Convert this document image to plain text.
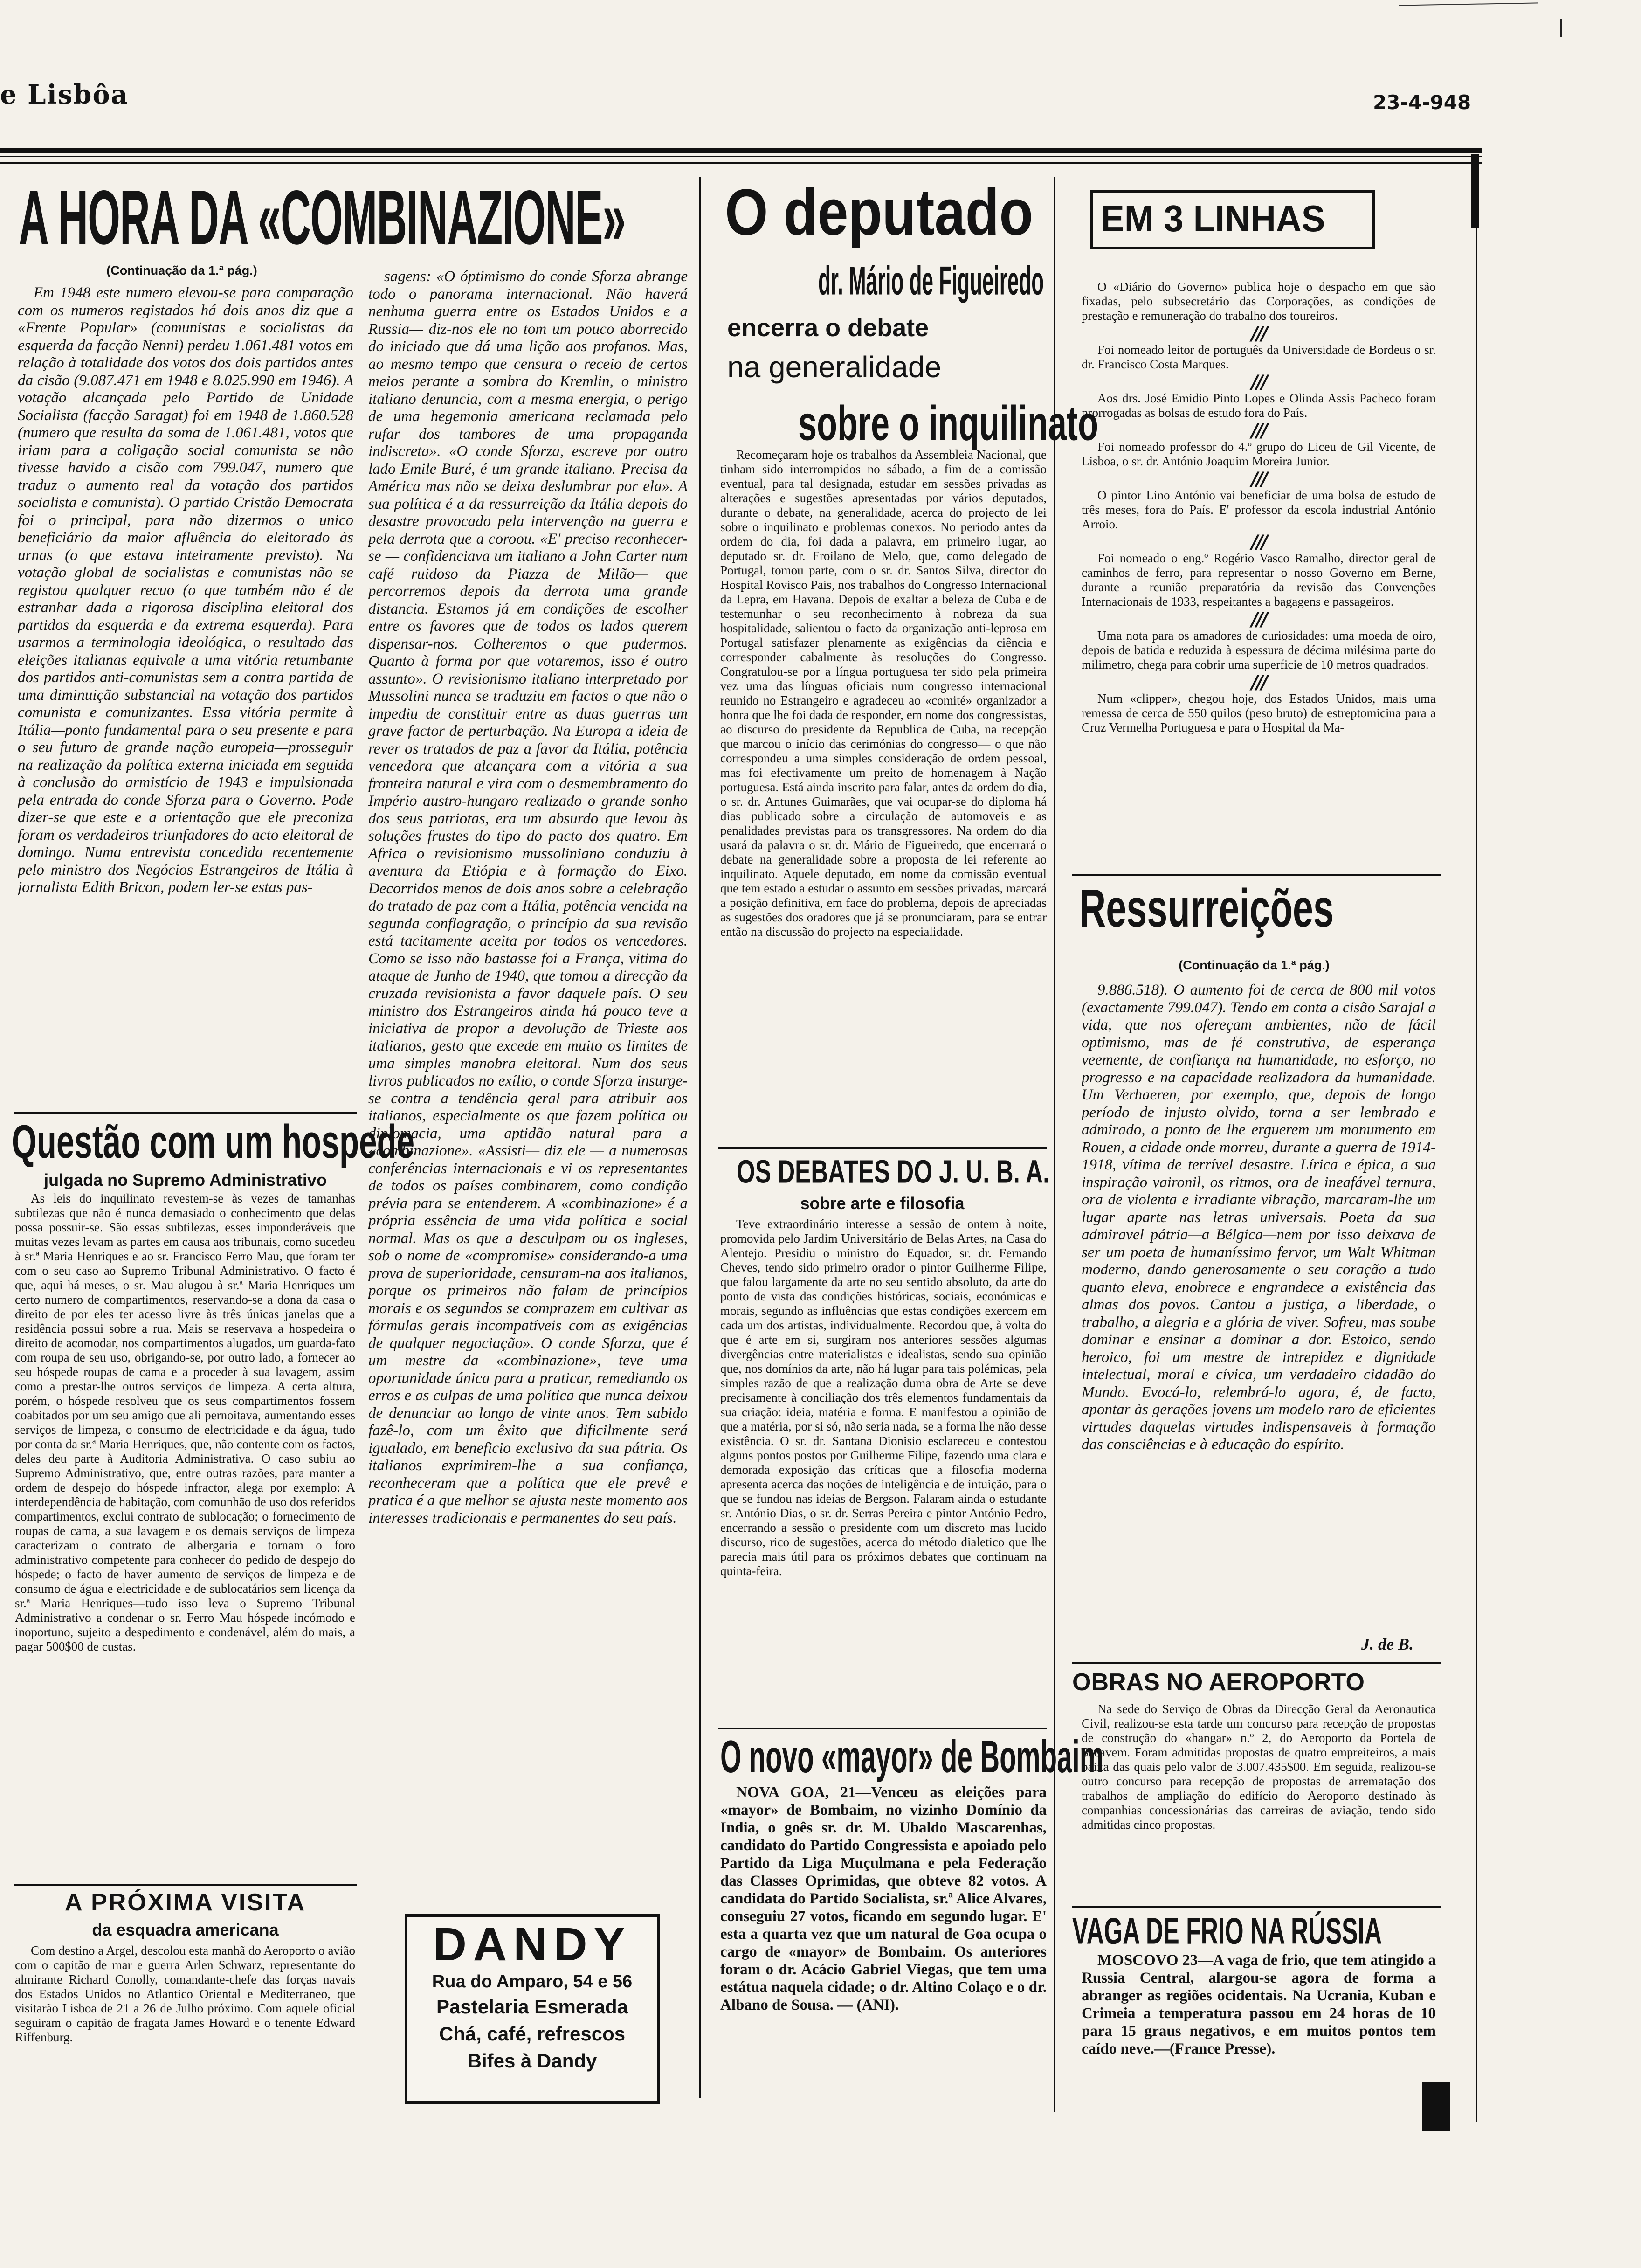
e Lisbôa	23-4-948
A HORA DA «COMBINAZIONE»
(Continuação da 1.ª pág.)

Em 1948 este numero elevou-se para comparação com os numeros registados há dois anos diz que a «Frente Popular» (comunistas e socialistas da esquerda da facção Nenni) perdeu 1.061.481 votos em relação à totalidade dos votos dos dois partidos antes da cisão (9.087.471 em 1948 e 8.025.990 em 1946). A votação alcançada pelo Partido de Unidade Socialista (facção Saragat) foi em 1948 de 1.860.528 (numero que resulta da soma de 1.061.481, votos que iriam para a coligação social comunista se não tivesse havido a cisão com 799.047, numero que traduz o aumento real da votação dos partidos socialista e comunista). O partido Cristão Democrata foi o principal, para não dizermos o unico beneficiário da maior afluência do eleitorado às urnas (o que estava inteiramente previsto). Na votação global de socialistas e comunistas não se registou qualquer recuo (o que também não é de estranhar dada a rigorosa disciplina eleitoral dos partidos da esquerda e da extrema esquerda). Para usarmos a terminologia ideológica, o resultado das eleições italianas equivale a uma vitória retumbante dos partidos anti-comunistas sem a contra partida de uma diminuição substancial na votação dos partidos comunista e comunizantes. Essa vitória permite à Itália—ponto fundamental para o seu presente e para o seu futuro de grande nação europeia—prosseguir na realização da política externa iniciada em seguida à conclusão do armistício de 1943 e impulsionada pela entrada do conde Sforza para o Governo. Pode dizer-se que este e a orientação que ele preconiza foram os verdadeiros triunfadores do acto eleitoral de domingo. Numa entrevista concedida recentemente pelo ministro dos Negócios Estrangeiros de Itália à jornalista Edith Bricon, podem ler-se estas pas-

sagens: «O óptimismo do conde Sforza abrange todo o panorama internacional. Não haverá nenhuma guerra entre os Estados Unidos e a Russia— diz-nos ele no tom um pouco aborrecido do iniciado que dá uma lição aos profanos. Mas, ao mesmo tempo que censura o receio de certos meios perante a sombra do Kremlin, o ministro italiano denuncia, com a mesma energia, o perigo de uma hegemonia americana reclamada pelo rufar dos tambores de uma propaganda indiscreta». «O conde Sforza, escreve por outro lado Emile Buré, é um grande italiano. Precisa da América mas não se deixa deslumbrar por ela». A sua política é a da ressurreição da Itália depois do desastre provocado pela intervenção na guerra e pela derrota que a coroou. «E' preciso reconhecer-se — confidenciava um italiano a John Carter num café ruidoso da Piazza de Milão— que percorremos depois da derrota uma grande distancia. Estamos já em condições de escolher entre os favores que de todos os lados querem dispensar-nos. Colheremos o que pudermos. Quanto à forma por que votaremos, isso é outro assunto». O revisionismo italiano interpretado por Mussolini nunca se traduziu em factos o que não o impediu de constituir entre as duas guerras um grave factor de perturbação. Na Europa a ideia de rever os tratados de paz a favor da Itália, potência vencedora que alcançara com a vitória a sua fronteira natural e vira com o desmembramento do Império austro-hungaro realizado o grande sonho dos seus patriotas, era um absurdo que levou às soluções frustes do tipo do pacto dos quatro. Em Africa o revisionismo mussoliniano conduziu à aventura da Etiópia e à formação do Eixo. Decorridos menos de dois anos sobre a celebração do tratado de paz com a Itália, potência vencida na segunda conflagração, o princípio da sua revisão está tacitamente aceita por todos os vencedores. Como se isso não bastasse foi a França, vitima do ataque de Junho de 1940, que tomou a direcção da cruzada revisionista a favor daquele país. O seu ministro dos Estrangeiros ainda há pouco teve a iniciativa de propor a devolução de Trieste aos italianos, gesto que excede em muito os limites de uma simples manobra eleitoral. Num dos seus livros publicados no exílio, o conde Sforza insurge-se contra a tendência geral para atribuir aos italianos, especialmente os que fazem política ou diplomacia, uma aptidão natural para a «combinazione». «Assisti— diz ele — a numerosas conferências internacionais e vi os representantes de todos os países combinarem, como condição prévia para se entenderem. A «combinazione» é a própria essência de uma vida política e social normal. Mas os que a desculpam ou os ingleses, sob o nome de «compromise» considerando-a uma prova de superioridade, censuram-na aos italianos, porque os primeiros não falam de princípios morais e os segundos se comprazem em cultivar as fórmulas gerais incompatíveis com as exigências de qualquer negociação». O conde Sforza, que é um mestre da «combinazione», teve uma oportunidade única para a praticar, remediando os erros e as culpas de uma política que nunca deixou de denunciar ao longo de vinte anos. Tem sabido fazê-lo, com um êxito que dificilmente será igualado, em beneficio exclusivo da sua pátria. Os italianos exprimirem-lhe a sua confiança, reconheceram que a política que ele prevê e pratica é a que melhor se ajusta neste momento aos interesses tradicionais e permanentes do seu país.

Questão com um hospede
julgada no Supremo Administrativo

As leis do inquilinato revestem-se às vezes de tamanhas subtilezas que não é nunca demasiado o conhecimento que delas possa possuir-se. São essas subtilezas, esses imponderáveis que muitas vezes levam as partes em causa aos tribunais, como sucedeu à sr.ª Maria Henriques e ao sr. Francisco Ferro Mau, que foram ter com o seu caso ao Supremo Tribunal Administrativo. O facto é que, aqui há meses, o sr. Mau alugou à sr.ª Maria Henriques um certo numero de compartimentos, reservando-se a dona da casa o direito de por eles ter acesso livre às três únicas janelas que a residência possui sobre a rua. Mais se reservava a hospedeira o direito de acomodar, nos compartimentos alugados, um guarda-fato com roupa de seu uso, obrigando-se, por outro lado, a fornecer ao seu hóspede roupas de cama e a proceder à sua lavagem, assim como a prestar-lhe outros serviços de limpeza. A certa altura, porém, o hóspede resolveu que os seus compartimentos fossem coabitados por um seu amigo que ali pernoitava, aumentando esses serviços de limpeza, o consumo de electricidade e da água, tudo por conta da sr.ª Maria Henriques, que, não contente com os factos, deles deu parte à Auditoria Administrativa. O caso subiu ao Supremo Administrativo, que, entre outras razões, para manter a ordem de despejo do hóspede infractor, alega por exemplo: A interdependência de habitação, com comunhão de uso dos referidos compartimentos, exclui contrato de sublocação; o fornecimento de roupas de cama, a sua lavagem e os demais serviços de limpeza caracterizam o contrato de albergaria e tornam o foro administrativo competente para conhecer do pedido de despejo do hóspede; o facto de haver aumento de serviços de limpeza e de consumo de água e electricidade e de sublocatários sem licença da sr.ª Maria Henriques—tudo isso leva o Supremo Tribunal Administrativo a condenar o sr. Ferro Mau hóspede incómodo e inoportuno, sujeito a despedimento e condenável, além do mais, a pagar 500$00 de custas.

A PRÓXIMA VISITA
da esquadra americana

Com destino a Argel, descolou esta manhã do Aeroporto o avião com o capitão de mar e guerra Arlen Schwarz, representante do almirante Richard Conolly, comandante-chefe das forças navais dos Estados Unidos no Atlantico Oriental e Mediterraneo, que visitarão Lisboa de 21 a 26 de Julho próximo. Com aquele oficial seguiram o capitão de fragata James Howard e o tenente Edward Riffenburg.

DANDY
Rua do Amparo, 54 e 56
Pastelaria Esmerada
Chá, café, refrescos
Bifes à Dandy
O deputado
dr. Mário de Figueiredo
encerra o debate
na generalidade
sobre o inquilinato

Recomeçaram hoje os trabalhos da Assembleia Nacional, que tinham sido interrompidos no sábado, a fim de a comissão eventual, para tal designada, estudar em sessões privadas as alterações e sugestões apresentadas por vários deputados, durante o debate, na generalidade, acerca do projecto de lei sobre o inquilinato e problemas conexos. No periodo antes da ordem do dia, foi dada a palavra, em primeiro lugar, ao deputado sr. dr. Froilano de Melo, que, como delegado de Portugal, tomou parte, com o sr. dr. Santos Silva, director do Hospital Rovisco Pais, nos trabalhos do Congresso Internacional da Lepra, em Havana. Depois de exaltar a beleza de Cuba e de testemunhar o seu reconhecimento à nobreza da sua hospitalidade, salientou o facto da organização anti-leprosa em Portugal satisfazer plenamente as exigências da ciência e corresponder cabalmente às resoluções do Congresso. Congratulou-se por a língua portuguesa ter sido pela primeira vez uma das línguas oficiais num congresso internacional reunido no Estrangeiro e agradeceu ao «comité» organizador a honra que lhe foi dada de responder, em nome dos congressistas, ao discurso do presidente da Republica de Cuba, na recepção que marcou o início das cerimónias do congresso— o que não correspondeu a uma simples consideração de ordem pessoal, mas foi efectivamente um preito de homenagem à Nação portuguesa. Está ainda inscrito para falar, antes da ordem do dia, o sr. dr. Antunes Guimarães, que vai ocupar-se do diploma há dias publicado sobre a circulação de automoveis e as penalidades previstas para os transgressores. Na ordem do dia usará da palavra o sr. dr. Mário de Figueiredo, que encerrará o debate na generalidade sobre a proposta de lei referente ao inquilinato. Aquele deputado, em nome da comissão eventual que tem estado a estudar o assunto em sessões privadas, marcará a posição definitiva, em face do problema, depois de apreciadas as sugestões dos oradores que já se pronunciaram, para se entrar então na discussão do projecto na especialidade.

OS DEBATES DO J. U. B. A.
sobre arte e filosofia

Teve extraordinário interesse a sessão de ontem à noite, promovida pelo Jardim Universitário de Belas Artes, na Casa do Alentejo. Presidiu o ministro do Equador, sr. dr. Fernando Cheves, tendo sido primeiro orador o pintor Guilherme Filipe, que falou largamente da arte no seu sentido absoluto, da arte do ponto de vista das condições históricas, sociais, económicas e morais, segundo as influências que estas condições exercem em cada um dos artistas, individualmente. Recordou que, à volta do que é arte em si, surgiram nos anteriores sessões algumas divergências entre materialistas e idealistas, sendo sua opinião que, nos domínios da arte, não há lugar para tais polémicas, pela simples razão de que a realização duma obra de Arte se deve precisamente à conciliação dos três elementos fundamentais da sua criação: ideia, matéria e forma. E manifestou a opinião de que a matéria, por si só, não seria nada, se a forma lhe não desse existência. O sr. dr. Santana Dionisio esclareceu e contestou alguns pontos postos por Guilherme Filipe, fazendo uma clara e demorada exposição das críticas que a filosofia moderna apresenta acerca das noções de inteligência e de intuição, para o que se fundou nas ideias de Bergson. Falaram ainda o estudante sr. António Dias, o sr. dr. Serras Pereira e pintor António Pedro, encerrando a sessão o presidente com um discreto mas lucido discurso, rico de sugestões, acerca do método dialetico que lhe parecia mais útil para os próximos debates que continuam na quinta-feira.

O novo «mayor» de Bombaim

NOVA GOA, 21—Venceu as eleições para «mayor» de Bombaim, no vizinho Domínio da India, o goês sr. dr. M. Ubaldo Mascarenhas, candidato do Partido Congressista e apoiado pelo Partido da Liga Muçulmana e pela Federação das Classes Oprimidas, que obteve 82 votos. A candidata do Partido Socialista, sr.ª Alice Alvares, conseguiu 27 votos, ficando em segundo lugar. E' esta a quarta vez que um natural de Goa ocupa o cargo de «mayor» de Bombaim. Os anteriores foram o dr. Acácio Gabriel Viegas, que tem uma estátua naquela cidade; o dr. Altino Colaço e o dr. Albano de Sousa. — (ANI).

EM 3 LINHAS

O «Diário do Governo» publica hoje o despacho em que são fixadas, pelo subsecretário das Corporações, as condições de prestação e remuneração do trabalho dos toureiros.

///

Foi nomeado leitor de português da Universidade de Bordeus o sr. dr. Francisco Costa Marques.

///

Aos drs. José Emidio Pinto Lopes e Olinda Assis Pacheco foram prorrogadas as bolsas de estudo fora do País.

///

Foi nomeado professor do 4.º grupo do Liceu de Gil Vicente, de Lisboa, o sr. dr. António Joaquim Moreira Junior.

///

O pintor Lino António vai beneficiar de uma bolsa de estudo de três meses, fora do País. E' professor da escola industrial António Arroio.

///

Foi nomeado o eng.º Rogério Vasco Ramalho, director geral de caminhos de ferro, para representar o nosso Governo em Berne, durante a reunião preparatória da revisão das Convenções Internacionais de 1933, respeitantes a bagagens e passageiros.

///

Uma nota para os amadores de curiosidades: uma moeda de oiro, depois de batida e reduzida à espessura de décima milésima parte do milimetro, chega para cobrir uma superficie de 10 metros quadrados.

///

Num «clipper», chegou hoje, dos Estados Unidos, mais uma remessa de cerca de 550 quilos (peso bruto) de estreptomicina para a Cruz Vermelha Portuguesa e para o Hospital da Ma-

Ressurreições
(Continuação da 1.ª pág.)

9.886.518). O aumento foi de cerca de 800 mil votos (exactamente 799.047). Tendo em conta a cisão Sarajal a vida, que nos ofereçam ambientes, não de fácil optimismo, mas de fé construtiva, de esperança veemente, de confiança na humanidade, no esforço, no progresso e na capacidade realizadora da humanidade. Um Verhaeren, por exemplo, que, depois de longo período de injusto olvido, torna a ser lembrado e admirado, a ponto de lhe erguerem um monumento em Rouen, a cidade onde morreu, durante a guerra de 1914-1918, vítima de terrível desastre. Lírica e épica, a sua inspiração vaironil, os ritmos, ora de ineafável ternura, ora de violenta e irradiante vibração, marcaram-lhe um lugar aparte nas letras universais. Poeta da sua admiravel pátria—a Bélgica—nem por isso deixava de ser um poeta de humaníssimo fervor, um Walt Whitman moderno, dando generosamente o seu coração a tudo quanto eleva, enobrece e engrandece a existência das almas dos povos. Cantou a justiça, a liberdade, o trabalho, a alegria e a glória de viver. Sofreu, mas soube dominar e ensinar a dominar a dor. Estoico, sendo heroico, foi um mestre de intrepidez e dignidade intelectual, moral e cívica, um verdadeiro cidadão do Mundo. Evocá-lo, relembrá-lo agora, é, de facto, apontar às gerações jovens um modelo raro de eficientes virtudes daquelas virtudes indispensaveis à formação das consciências e à educação do espírito.

J. de B.
OBRAS NO AEROPORTO

Na sede do Serviço de Obras da Direcção Geral da Aeronautica Civil, realizou-se esta tarde um concurso para recepção de propostas de construção do «hangar» n.º 2, do Aeroporto da Portela de Sacavem. Foram admitidas propostas de quatro empreiteiros, a mais baixa das quais pelo valor de 3.007.435$00. Em seguida, realizou-se outro concurso para recepção de propostas de arrematação dos trabalhos de ampliação do edifício do Aeroporto destinado às companhias concessionárias das carreiras de aviação, tendo sido admitidas cinco propostas.

VAGA DE FRIO NA RÚSSIA

MOSCOVO 23—A vaga de frio, que tem atingido a Russia Central, alargou-se agora de forma a abranger as regiões ocidentais. Na Ucrania, Kuban e Crimeia a temperatura passou em 24 horas de 10 para 15 graus negativos, e em muitos pontos tem caído neve.—(France Presse).
